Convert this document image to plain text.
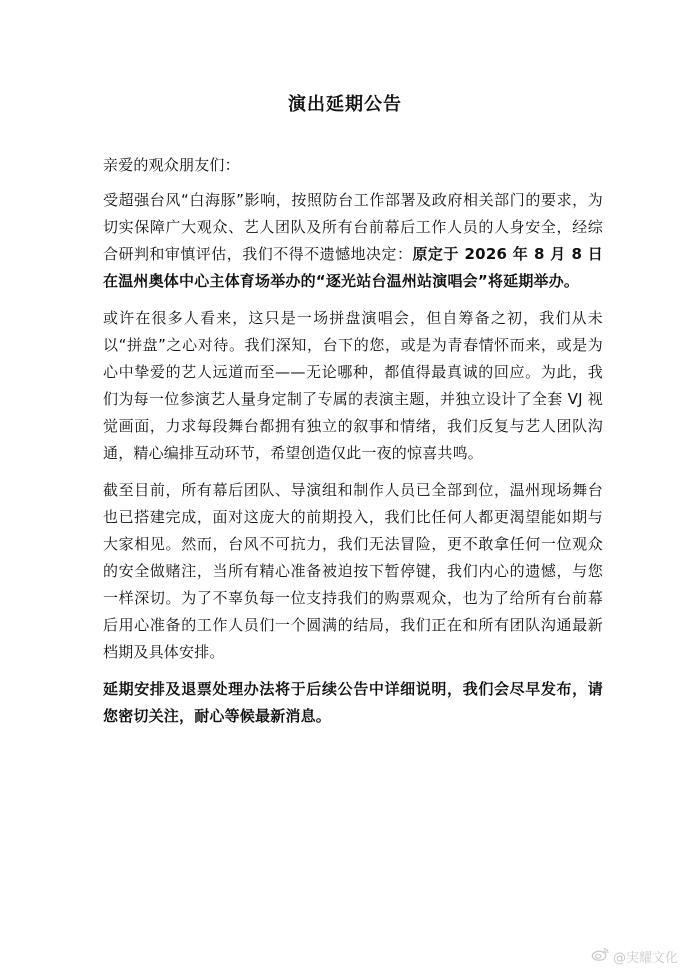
演出延期公告

亲爱的观众朋友们：

受超强台风“白海豚”影响，按照防台工作部署及政府相关部门的要求，为切实保障广大观众、艺人团队及所有台前幕后工作人员的人身安全，经综合研判和审慎评估，我们不得不遗憾地决定：原定于 2026 年 8 月 8 日在温州奥体中心主体育场举办的“逐光站台温州站演唱会”将延期举办。

或许在很多人看来，这只是一场拼盘演唱会，但自筹备之初，我们从未以“拼盘”之心对待。我们深知，台下的您，或是为青春情怀而来，或是为心中挚爱的艺人远道而至——无论哪种，都值得最真诚的回应。为此，我们为每一位参演艺人量身定制了专属的表演主题，并独立设计了全套 VJ 视觉画面，力求每段舞台都拥有独立的叙事和情绪，我们反复与艺人团队沟通，精心编排互动环节，希望创造仅此一夜的惊喜共鸣。

截至目前，所有幕后团队、导演组和制作人员已全部到位，温州现场舞台也已搭建完成，面对这庞大的前期投入，我们比任何人都更渴望能如期与大家相见。然而，台风不可抗力，我们无法冒险，更不敢拿任何一位观众的安全做赌注，当所有精心准备被迫按下暂停键，我们内心的遗憾，与您一样深切。为了不辜负每一位支持我们的购票观众，也为了给所有台前幕后用心准备的工作人员们一个圆满的结局，我们正在和所有团队沟通最新档期及具体安排。

延期安排及退票处理办法将于后续公告中详细说明，我们会尽早发布，请您密切关注，耐心等候最新消息。

@実耀文化
